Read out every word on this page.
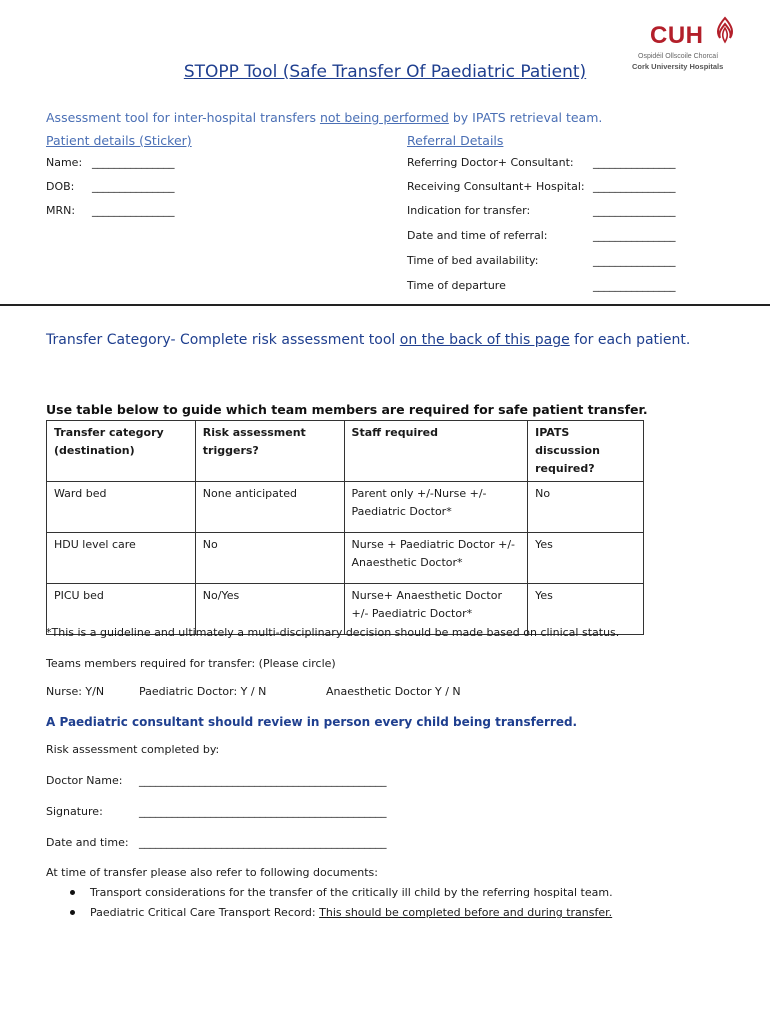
CUH
Ospidéil Ollscoile Chorcaí
Cork University Hospitals
STOPP Tool (Safe Transfer Of Paediatric Patient)
Assessment tool for inter-hospital transfers not being performed by IPATS retrieval team.
Patient details (Sticker)
Name: _______________
DOB: _______________
MRN: _______________
Referral Details
Referring Doctor+ Consultant: _______________
Receiving Consultant+ Hospital: _______________
Indication for transfer:	_______________
Date and time of referral:	_______________
Time of bed availability:	_______________
Time of departure	_______________
Transfer Category- Complete risk assessment tool on the back of this page for each patient.
Use table below to guide which team members are required for safe patient transfer.
Transfer category (destination)	Risk assessment triggers?	Staff required	IPATS discussion required?
Ward bed	None anticipated	Parent only +/-Nurse +/- Paediatric Doctor*	No
HDU level care	No	Nurse + Paediatric Doctor +/- Anaesthetic Doctor*	Yes
PICU bed	No/Yes	Nurse+ Anaesthetic Doctor +/- Paediatric Doctor*	Yes
*This is a guideline and ultimately a multi-disciplinary decision should be made based on clinical status.
Teams members required for transfer: (Please circle)
Nurse: Y/N	Paediatric Doctor: Y / N	Anaesthetic Doctor Y / N
A Paediatric consultant should review in person every child being transferred.
Risk assessment completed by:
Doctor Name: _____________________________________________
Signature:	_____________________________________________
Date and time: _____________________________________________
At time of transfer please also refer to following documents:
Transport considerations for the transfer of the critically ill child by the referring hospital team.
Paediatric Critical Care Transport Record: This should be completed before and during transfer.
